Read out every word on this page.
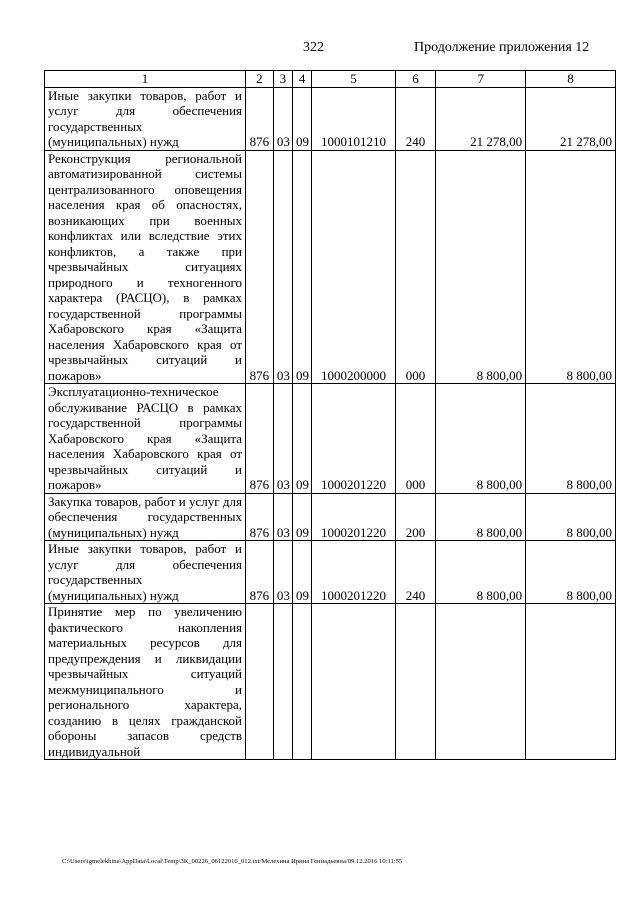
322	Продолжение приложения 12
1	2	3	4	5	6	7	8
Иные закупки товаров, работ и услуг для обеспечения государственных (муниципальных) нужд	876	03	09	1000101210	240	21 278,00	21 278,00
Реконструкция региональной автоматизированной системы централизованного оповещения населения края об опасностях, возникающих при военных конфликтах или вследствие этих конфликтов, а также при чрезвычайных ситуациях природного и техногенного характера (РАСЦО), в рамках государственной программы Хабаровского края «Защита населения Хабаровского края от чрезвычайных ситуаций и пожаров»	876	03	09	1000200000	000	8 800,00	8 800,00
Эксплуатационно-техническое обслуживание РАСЦО в рамках государственной программы Хабаровского края «Защита населения Хабаровского края от чрезвычайных ситуаций и пожаров»	876	03	09	1000201220	000	8 800,00	8 800,00
Закупка товаров, работ и услуг для обеспечения государственных (муниципальных) нужд	876	03	09	1000201220	200	8 800,00	8 800,00
Иные закупки товаров, работ и услуг для обеспечения государственных (муниципальных) нужд	876	03	09	1000201220	240	8 800,00	8 800,00
Принятие мер по увеличению фактического накопления материальных ресурсов для предупреждения и ликвидации чрезвычайных ситуаций межмуниципального и регионального характера, созданию в целях гражданской обороны запасов средств индивидуальной							
C:\Users\igmelekhina\AppData\Local\Temp\ЗК_00226_06122016_012.txt/Мелехина Ирина Геннадьевна/09.12.2016 10:11:55
